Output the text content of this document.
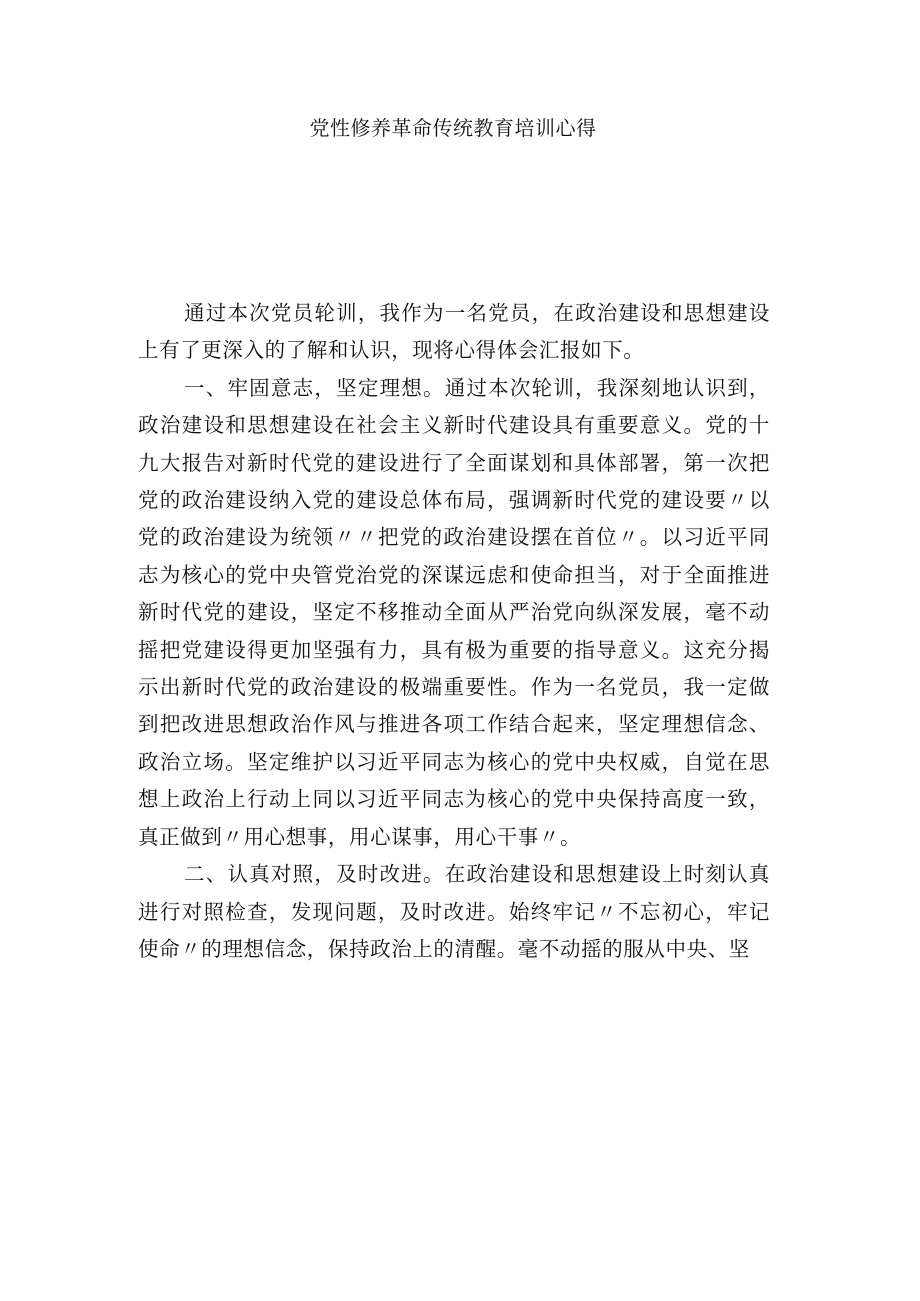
党性修养革命传统教育培训心得

通过本次党员轮训，我作为一名党员，在政治建设和思想建设上有了更深入的了解和认识，现将心得体会汇报如下。

一、牢固意志，坚定理想。通过本次轮训，我深刻地认识到，政治建设和思想建设在社会主义新时代建设具有重要意义。党的十九大报告对新时代党的建设进行了全面谋划和具体部署，第一次把党的政治建设纳入党的建设总体布局，强调新时代党的建设要〃以党的政治建设为统领〃〃把党的政治建设摆在首位〃。以习近平同志为核心的党中央管党治党的深谋远虑和使命担当，对于全面推进新时代党的建设，坚定不移推动全面从严治党向纵深发展，毫不动摇把党建设得更加坚强有力，具有极为重要的指导意义。这充分揭示出新时代党的政治建设的极端重要性。作为一名党员，我一定做到把改进思想政治作风与推进各项工作结合起来，坚定理想信念、政治立场。坚定维护以习近平同志为核心的党中央权威，自觉在思想上政治上行动上同以习近平同志为核心的党中央保持高度一致，真正做到〃用心想事，用心谋事，用心干事〃。

二、认真对照，及时改进。在政治建设和思想建设上时刻认真进行对照检查，发现问题，及时改进。始终牢记〃不忘初心，牢记使命〃的理想信念，保持政治上的清醒。毫不动摇的服从中央、坚
